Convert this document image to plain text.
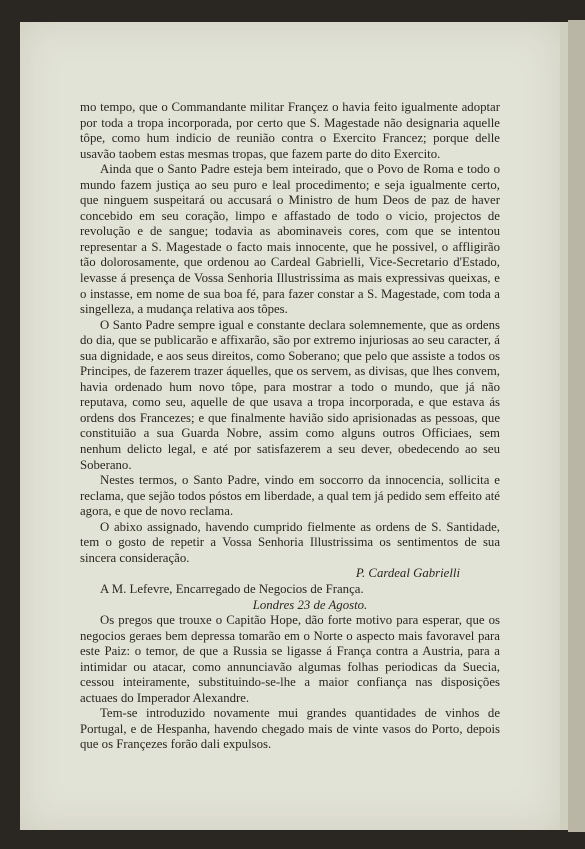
mo tempo, que o Commandante militar Françez o havia feito igualmente adoptar por toda a tropa incorporada, por certo que S. Magestade não designaria aquelle tôpe, como hum indicio de reunião contra o Exercito Francez; porque delle usavão taobem estas mesmas tropas, que fazem parte do dito Exercito.

Ainda que o Santo Padre esteja bem inteirado, que o Povo de Roma e todo o mundo fazem justiça ao seu puro e leal procedimento; e seja igualmente certo, que ninguem suspeitará ou accusará o Ministro de hum Deos de paz de haver concebido em seu coração, limpo e affastado de todo o vicio, projectos de revolução e de sangue; todavia as abominaveis cores, com que se intentou representar a S. Magestade o facto mais innocente, que he possivel, o affligirão tão dolorosamente, que ordenou ao Cardeal Gabrielli, Vice-Secretario d'Estado, levasse á presença de Vossa Senhoria Illustrissima as mais expressivas queixas, e o instasse, em nome de sua boa fé, para fazer constar a S. Magestade, com toda a singelleza, a mudança relativa aos tôpes.

O Santo Padre sempre igual e constante declara solemnemente, que as ordens do dia, que se publicarão e affixarão, são por extremo injuriosas ao seu caracter, á sua dignidade, e aos seus direitos, como Soberano; que pelo que assiste a todos os Principes, de fazerem trazer áquelles, que os servem, as divisas, que lhes convem, havia ordenado hum novo tôpe, para mostrar a todo o mundo, que já não reputava, como seu, aquelle de que usava a tropa incorporada, e que estava ás ordens dos Francezes; e que finalmente havião sido aprisionadas as pessoas, que constituião a sua Guarda Nobre, assim como alguns outros Officiaes, sem nenhum delicto legal, e até por satisfazerem a seu dever, obedecendo ao seu Soberano.

Nestes termos, o Santo Padre, vindo em soccorro da innocencia, sollicita e reclama, que sejão todos póstos em liberdade, a qual tem já pedido sem effeito até agora, e que de novo reclama.

O abixo assignado, havendo cumprido fielmente as ordens de S. Santidade, tem o gosto de repetir a Vossa Senhoria Illustrissima os sentimentos de sua sincera consideração.

P. Cardeal Gabrielli

A M. Lefevre, Encarregado de Negocios de França.

Londres 23 de Agosto.

Os pregos que trouxe o Capitão Hope, dão forte motivo para esperar, que os negocios geraes bem depressa tomarão em o Norte o aspecto mais favoravel para este Paiz: o temor, de que a Russia se ligasse á França contra a Austria, para a intimidar ou atacar, como annunciavão algumas folhas periodicas da Suecia, cessou inteiramente, substituindo-se-lhe a maior confiança nas disposições actuaes do Imperador Alexandre.

Tem-se introduzido novamente mui grandes quantidades de vinhos de Portugal, e de Hespanha, havendo chegado mais de vinte vasos do Porto, depois que os Françezes forão dali expulsos.
